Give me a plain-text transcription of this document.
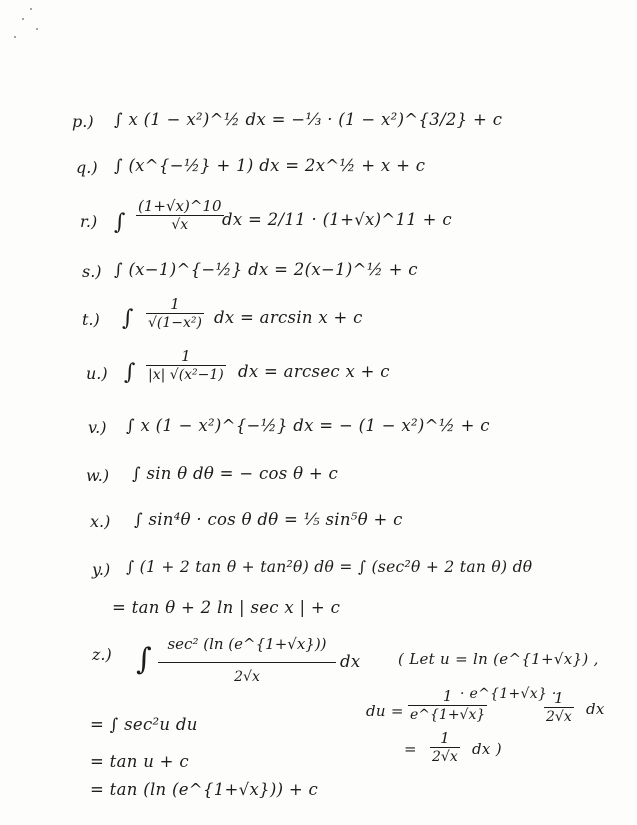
p.) ∫ x (1 − x²)^½ dx = −⅓ · (1 − x²)^{3/2} + c
q.) ∫ (x^{−½} + 1) dx = 2x^½ + x + c
r.) ∫
(1+√x)^10
√x	dx = 2/11 · (1+√x)^11 + c
s.) ∫ (x−1)^{−½} dx = 2(x−1)^½ + c
t.) ∫
1
√(1−x²) dx = arcsin x + c
u.) ∫
1
|x| √(x²−1) dx = arcsec x + c
v.) ∫ x (1 − x²)^{−½} dx = − (1 − x²)^½ + c
w.) ∫ sin θ dθ = − cos θ + c
x.) ∫ sin⁴θ · cos θ dθ = ⅕ sin⁵θ + c
y.) ∫ (1 + 2 tan θ + tan²θ) dθ = ∫ (sec²θ + 2 tan θ) dθ
= tan θ + 2 ln | sec x | + c
z.) ∫	sec² (ln (e^{1+√x}))
2√x
dx
= ∫ sec²u du
= tan u + c
= tan (ln (e^{1+√x})) + c
( Let u = ln (e^{1+√x}) ,
du =
1
e^{1+√x}
· e^{1+√x} ·
1
2√x dx
=
1
2√x dx )
